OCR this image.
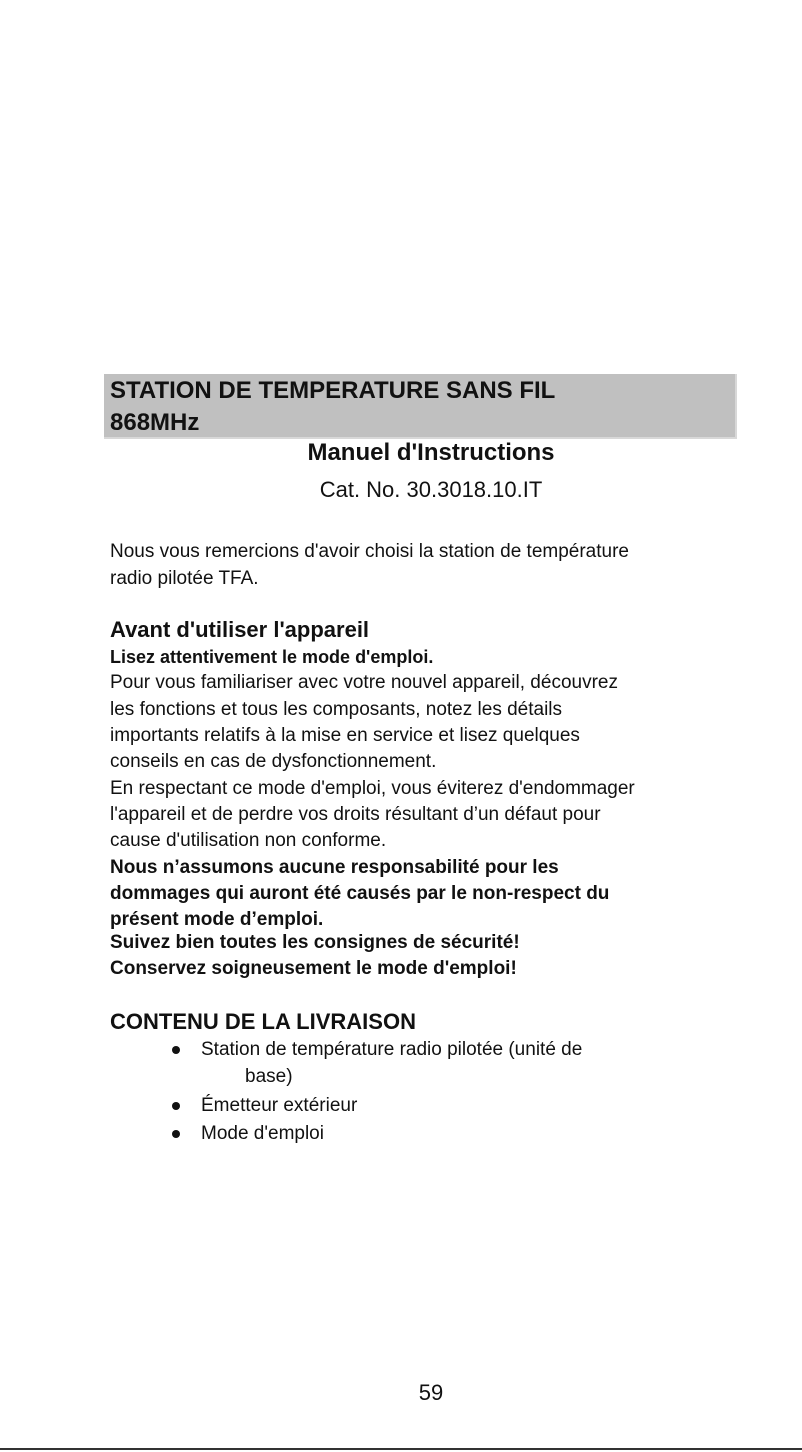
STATION DE TEMPERATURE SANS FIL
868MHz
Manuel d'Instructions
Cat. No. 30.3018.10.IT
Nous vous remercions d'avoir choisi la station de température
radio pilotée TFA.
Avant d'utiliser l'appareil
Lisez attentivement le mode d'emploi.
Pour vous familiariser avec votre nouvel appareil, découvrez
les fonctions et tous les composants, notez les détails
importants relatifs à la mise en service et lisez quelques
conseils en cas de dysfonctionnement.
En respectant ce mode d'emploi, vous éviterez d'endommager
l'appareil et de perdre vos droits résultant d’un défaut pour
cause d'utilisation non conforme.
Nous n’assumons aucune responsabilité pour les
dommages qui auront été causés par le non-respect du
présent mode d’emploi.
Suivez bien toutes les consignes de sécurité!
Conservez soigneusement le mode d'emploi!
CONTENU DE LA LIVRAISON
Station de température radio pilotée (unité de
base)
Émetteur extérieur
Mode d'emploi
59
